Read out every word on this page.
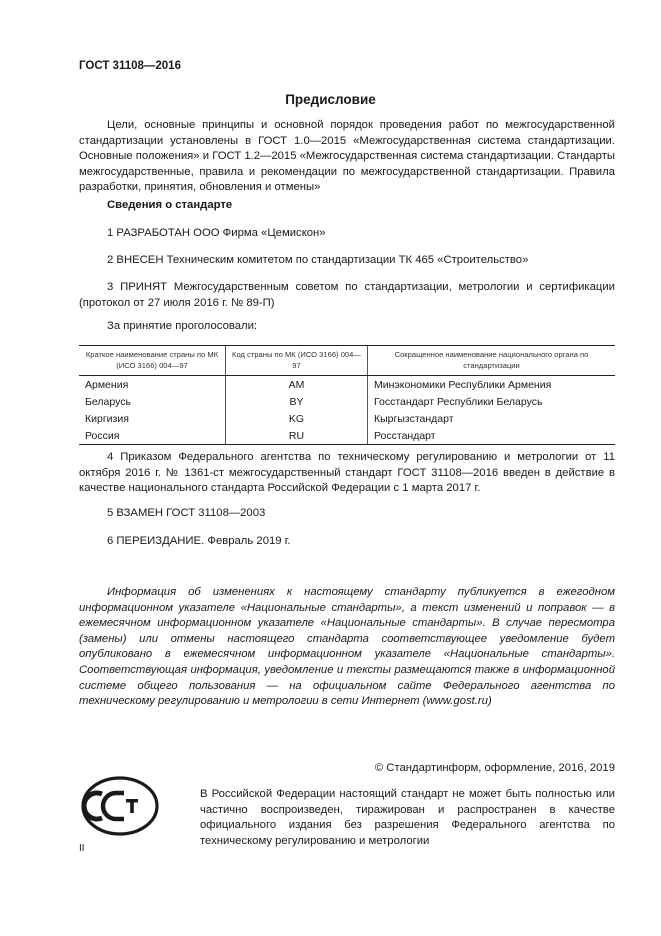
ГОСТ 31108—2016
Предисловие
Цели, основные принципы и основной порядок проведения работ по межгосударственной стандартизации установлены в ГОСТ 1.0—2015 «Межгосударственная система стандартизации. Основные положения» и ГОСТ 1.2—2015 «Межгосударственная система стандартизации. Стандарты межгосударственные, правила и рекомендации по межгосударственной стандартизации. Правила разработки, принятия, обновления и отмены»
Сведения о стандарте
1 РАЗРАБОТАН ООО Фирма «Цемискон»
2 ВНЕСЕН Техническим комитетом по стандартизации ТК 465 «Строительство»
3 ПРИНЯТ Межгосударственным советом по стандартизации, метрологии и сертификации (протокол от 27 июля 2016 г. № 89-П)
За принятие проголосовали:
Краткое наименование страны по МК (ИСО 3166) 004—97	Код страны по МК (ИСО 3166) 004—97	Сокращенное наименование национального органа по стандартизации
Армения	AM	Минэкономики Республики Армения
Беларусь	BY	Госстандарт Республики Беларусь
Киргизия	KG	Кыргызстандарт
Россия	RU	Росстандарт
4 Приказом Федерального агентства по техническому регулированию и метрологии от 11 октября 2016 г. № 1361-ст межгосударственный стандарт ГОСТ 31108—2016 введен в действие в качестве национального стандарта Российской Федерации с 1 марта 2017 г.
5 ВЗАМЕН ГОСТ 31108—2003
6 ПЕРЕИЗДАНИЕ. Февраль 2019 г.
Информация об изменениях к настоящему стандарту публикуется в ежегодном информационном указателе «Национальные стандарты», а текст изменений и поправок — в ежемесячном информационном указателе «Национальные стандарты». В случае пересмотра (замены) или отмены настоящего стандарта соответствующее уведомление будет опубликовано в ежемесячном информационном указателе «Национальные стандарты». Соответствующая информация, уведомление и тексты размещаются также в информационной системе общего пользования — на официальном сайте Федерального агентства по техническому регулированию и метрологии в сети Интернет (www.gost.ru)
© Стандартинформ, оформление, 2016, 2019
В Российской Федерации настоящий стандарт не может быть полностью или частично воспроизведен, тиражирован и распространен в качестве официального издания без разрешения Федерального агентства по техническому регулированию и метрологии
II
